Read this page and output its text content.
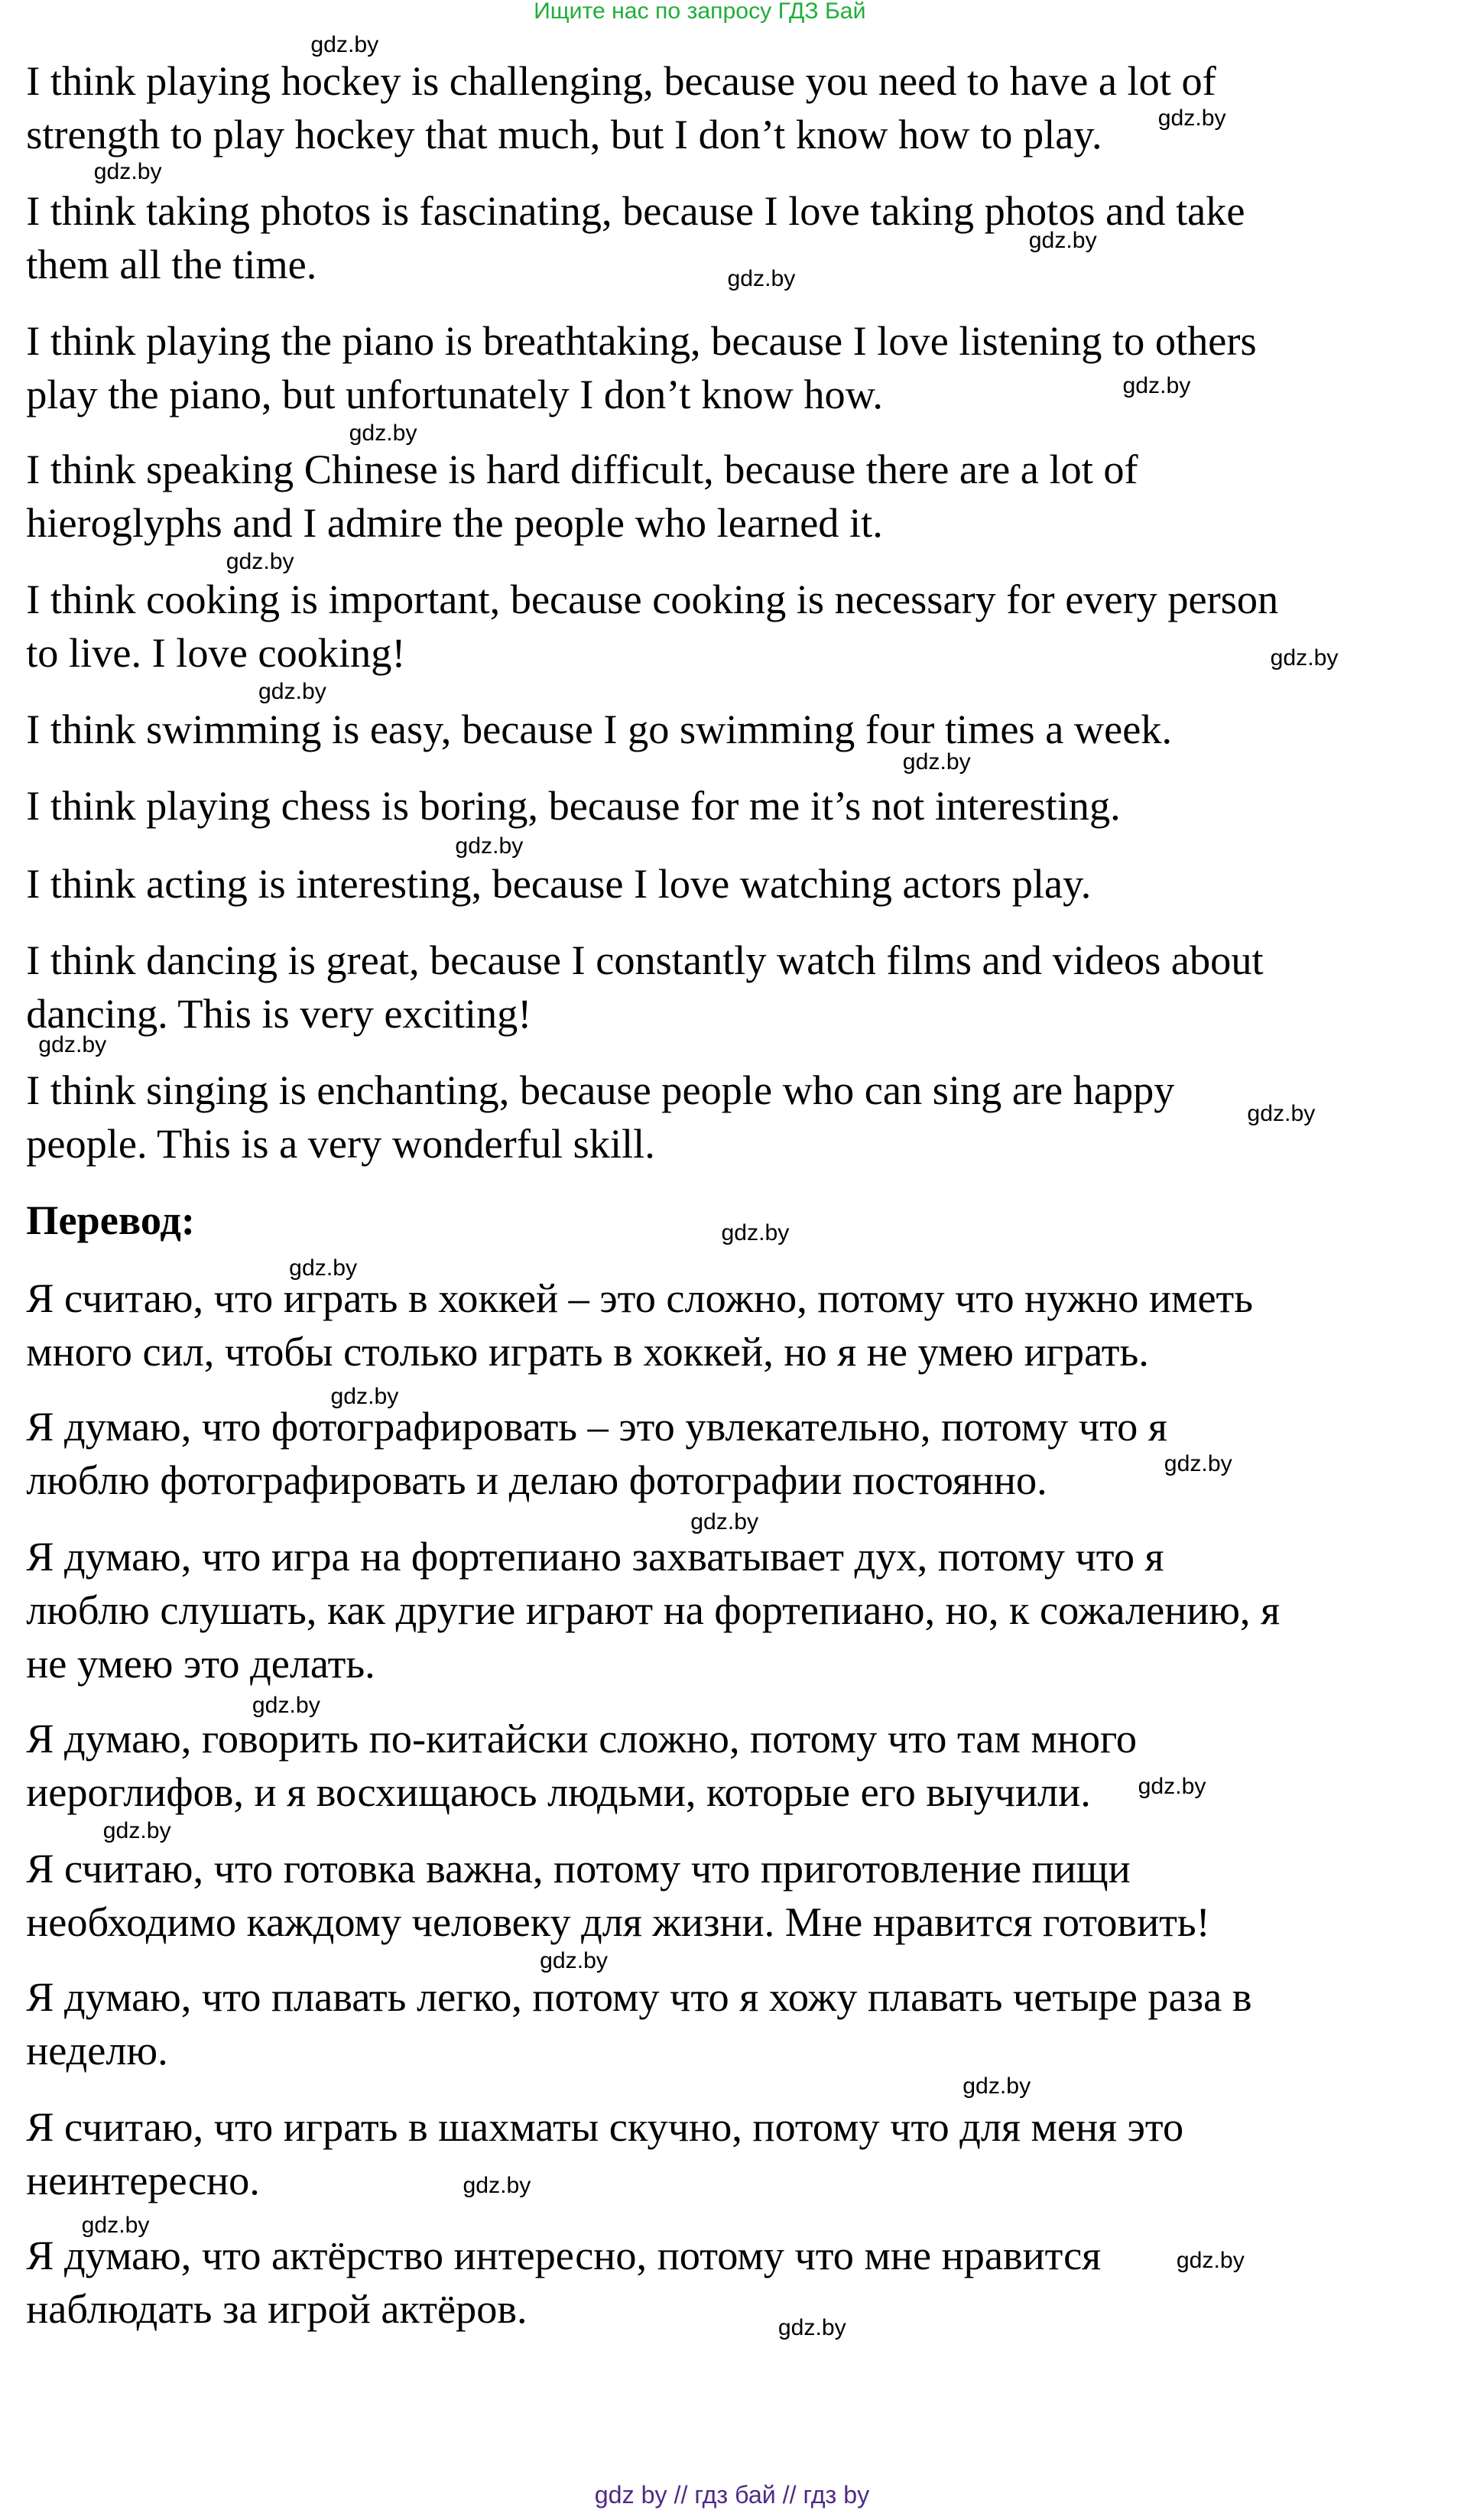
Ищите нас по запросу ГДЗ Бай

I think playing hockey is challenging, because you need to have a lot of
strength to play hockey that much, but I don’t know how to play.

I think taking photos is fascinating, because I love taking photos and take
them all the time.

I think playing the piano is breathtaking, because I love listening to others
play the piano, but unfortunately I don’t know how.

I think speaking Chinese is hard difficult, because there are a lot of
hieroglyphs and I admire the people who learned it.

I think cooking is important, because cooking is necessary for every person
to live. I love cooking!

I think swimming is easy, because I go swimming four times a week.

I think playing chess is boring, because for me it’s not interesting.

I think acting is interesting, because I love watching actors play.

I think dancing is great, because I constantly watch films and videos about
dancing. This is very exciting!

I think singing is enchanting, because people who can sing are happy
people. This is a very wonderful skill.

Перевод:

Я считаю, что играть в хоккей – это сложно, потому что нужно иметь
много сил, чтобы столько играть в хоккей, но я не умею играть.

Я думаю, что фотографировать – это увлекательно, потому что я
люблю фотографировать и делаю фотографии постоянно.

Я думаю, что игра на фортепиано захватывает дух, потому что я
люблю слушать, как другие играют на фортепиано, но, к сожалению, я
не умею это делать.

Я думаю, говорить по-китайски сложно, потому что там много
иероглифов, и я восхищаюсь людьми, которые его выучили.

Я считаю, что готовка важна, потому что приготовление пищи
необходимо каждому человеку для жизни. Мне нравится готовить!

Я думаю, что плавать легко, потому что я хожу плавать четыре раза в
неделю.

Я считаю, что играть в шахматы скучно, потому что для меня это
неинтересно.

Я думаю, что актёрство интересно, потому что мне нравится
наблюдать за игрой актёров.

gdz.by
gdz.by
gdz.by
gdz.by
gdz.by
gdz.by
gdz.by
gdz.by
gdz.by
gdz.by
gdz.by
gdz.by
gdz.by
gdz.by
gdz.by
gdz.by
gdz.by
gdz.by
gdz.by
gdz.by
gdz.by
gdz.by
gdz.by
gdz.by
gdz.by
gdz.by
gdz.by
gdz.by
gdz by // гдз бай // гдз by
